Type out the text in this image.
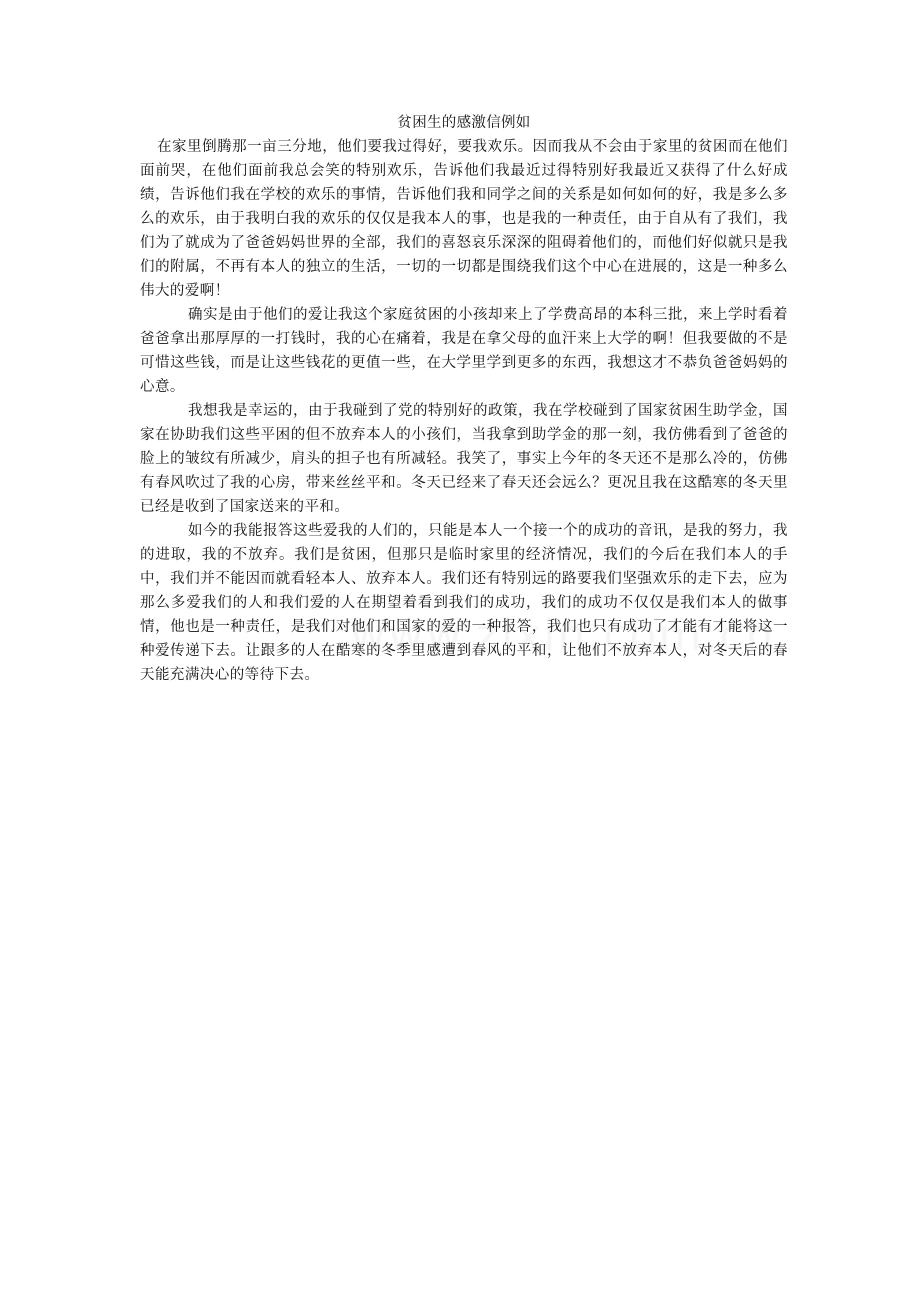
贫困生的感激信例如

在家里倒腾那一亩三分地，他们要我过得好，要我欢乐。因而我从不会由于家里的贫困而在他们面前哭，在他们面前我总会笑的特别欢乐，告诉他们我最近过得特别好我最近又获得了什么好成绩，告诉他们我在学校的欢乐的事情，告诉他们我和同学之间的关系是如何如何的好，我是多么多么的欢乐，由于我明白我的欢乐的仅仅是我本人的事，也是我的一种责任，由于自从有了我们，我们为了就成为了爸爸妈妈世界的全部，我们的喜怒哀乐深深的阻碍着他们的，而他们好似就只是我们的附属，不再有本人的独立的生活，一切的一切都是围绕我们这个中心在进展的，这是一种多么伟大的爱啊！

确实是由于他们的爱让我这个家庭贫困的小孩却来上了学费高昂的本科三批，来上学时看着爸爸拿出那厚厚的一打钱时，我的心在痛着，我是在拿父母的血汗来上大学的啊！但我要做的不是可惜这些钱，而是让这些钱花的更值一些，在大学里学到更多的东西，我想这才不恭负爸爸妈妈的心意。

我想我是幸运的，由于我碰到了党的特别好的政策，我在学校碰到了国家贫困生助学金，国家在协助我们这些平困的但不放弃本人的小孩们，当我拿到助学金的那一刻，我仿佛看到了爸爸的脸上的皱纹有所减少，肩头的担子也有所减轻。我笑了，事实上今年的冬天还不是那么冷的，仿佛有春风吹过了我的心房，带来丝丝平和。冬天已经来了春天还会远么？更况且我在这酷寒的冬天里已经是收到了国家送来的平和。

如今的我能报答这些爱我的人们的，只能是本人一个接一个的成功的音讯，是我的努力，我的进取，我的不放弃。我们是贫困，但那只是临时家里的经济情况，我们的今后在我们本人的手中，我们并不能因而就看轻本人、放弃本人。我们还有特别远的路要我们坚强欢乐的走下去，应为那么多爱我们的人和我们爱的人在期望着看到我们的成功，我们的成功不仅仅是我们本人的做事情，他也是一种责任，是我们对他们和国家的爱的一种报答，我们也只有成功了才能有才能将这一种爱传递下去。让跟多的人在酷寒的冬季里感遭到春风的平和，让他们不放弃本人，对冬天后的春天能充满决心的等待下去。
